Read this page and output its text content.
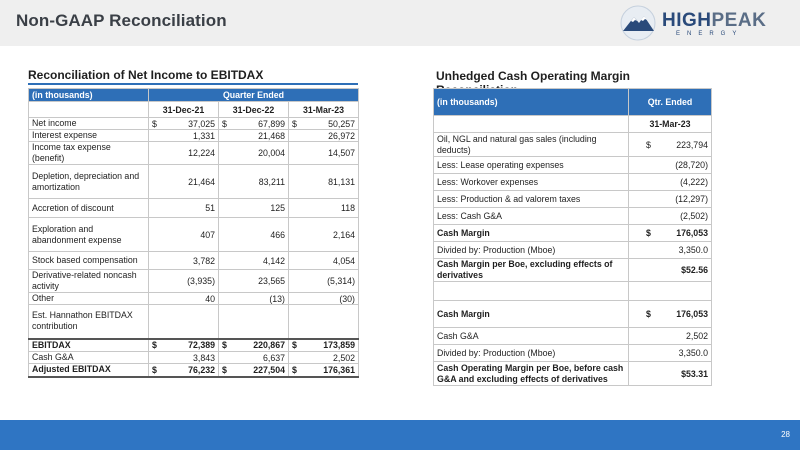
Non-GAAP Reconciliation	HIGHPEAK
ENERGY
Reconciliation of Net Income to EBITDAX
(in thousands)	Quarter Ended		
	31-Dec-21	31-Dec-22	31-Mar-23
Net income	$ 37,025	$ 67,899	$ 50,257
Interest expense	1,331	21,468	26,972
Income tax expense (benefit)	12,224	20,004	14,507
Depletion, depreciation and amortization	21,464	83,211	81,131
Accretion of discount	51	125	118
Exploration and abandonment expense	407	466	2,164
Stock based compensation	3,782	4,142	4,054
Derivative-related noncash activity	(3,935)	23,565	(5,314)
Other	40	(13)	(30)
Est. Hannathon EBITDAX contribution			
EBITDAX	$ 72,389	$ 220,867	$ 173,859
Cash G&A	3,843	6,637	2,502
Adjusted EBITDAX	$ 76,232	$ 227,504	$ 176,361
Unhedged Cash Operating Margin
(in thousands)	Qtr. Ended
	31-Mar-23
Oil, NGL and natural gas sales (including deducts)	$ 223,794
Less: Lease operating expenses	(28,720)
Less: Workover expenses	(4,222)
Less: Production & ad valorem taxes	(12,297)
Less: Cash G&A	(2,502)
Cash Margin	$ 176,053
Divided by: Production (Mboe)	3,350.0
Cash Margin per Boe, excluding effects of derivatives	$52.56

Cash Margin	$ 176,053
Cash G&A	2,502
Divided by: Production (Mboe)	3,350.0
Cash Operating Margin per Boe, before cash G&A and excluding effects of derivatives	$53.31
28
